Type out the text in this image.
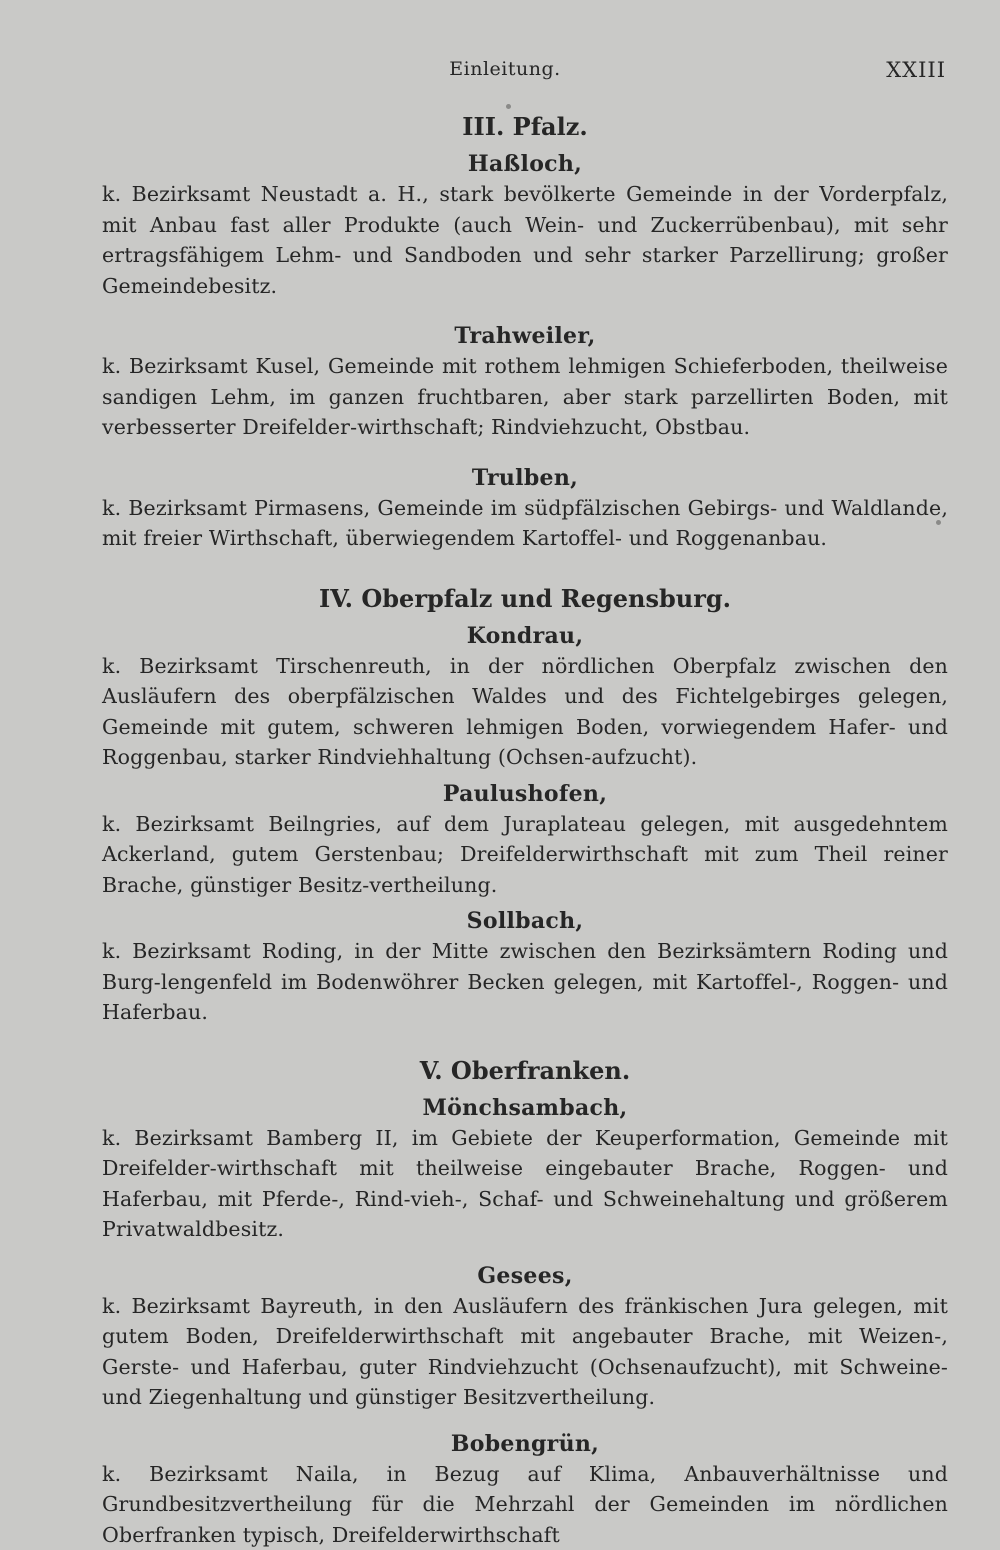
Einleitung.	XXIII
III. Pfalz.
Haßloch,

k. Bezirksamt Neustadt a. H., stark bevölkerte Gemeinde in der Vorderpfalz, mit Anbau fast aller Produkte (auch Wein- und Zuckerrübenbau), mit sehr ertragsfähigem Lehm- und Sandboden und sehr starker Parzellirung; großer Gemeindebesitz.

Trahweiler,

k. Bezirksamt Kusel, Gemeinde mit rothem lehmigen Schieferboden, theilweise sandigen Lehm, im ganzen fruchtbaren, aber stark parzellirten Boden, mit verbesserter Dreifelder-wirthschaft; Rindviehzucht, Obstbau.

Trulben,

k. Bezirksamt Pirmasens, Gemeinde im südpfälzischen Gebirgs- und Waldlande, mit freier Wirthschaft, überwiegendem Kartoffel- und Roggenanbau.

IV. Oberpfalz und Regensburg.
Kondrau,

k. Bezirksamt Tirschenreuth, in der nördlichen Oberpfalz zwischen den Ausläufern des oberpfälzischen Waldes und des Fichtelgebirges gelegen, Gemeinde mit gutem, schweren lehmigen Boden, vorwiegendem Hafer- und Roggenbau, starker Rindviehhaltung (Ochsen-aufzucht).

Paulushofen,

k. Bezirksamt Beilngries, auf dem Juraplateau gelegen, mit ausgedehntem Ackerland, gutem Gerstenbau; Dreifelderwirthschaft mit zum Theil reiner Brache, günstiger Besitz-vertheilung.

Sollbach,

k. Bezirksamt Roding, in der Mitte zwischen den Bezirksämtern Roding und Burg-lengenfeld im Bodenwöhrer Becken gelegen, mit Kartoffel-, Roggen- und Haferbau.

V. Oberfranken.
Mönchsambach,

k. Bezirksamt Bamberg II, im Gebiete der Keuperformation, Gemeinde mit Dreifelder-wirthschaft mit theilweise eingebauter Brache, Roggen- und Haferbau, mit Pferde-, Rind-vieh-, Schaf- und Schweinehaltung und größerem Privatwaldbesitz.

Gesees,

k. Bezirksamt Bayreuth, in den Ausläufern des fränkischen Jura gelegen, mit gutem Boden, Dreifelderwirthschaft mit angebauter Brache, mit Weizen-, Gerste- und Haferbau, guter Rindviehzucht (Ochsenaufzucht), mit Schweine- und Ziegenhaltung und günstiger Besitzvertheilung.

Bobengrün,

k. Bezirksamt Naila, in Bezug auf Klima, Anbauverhältnisse und Grundbesitzvertheilung für die Mehrzahl der Gemeinden im nördlichen Oberfranken typisch, Dreifelderwirthschaft
